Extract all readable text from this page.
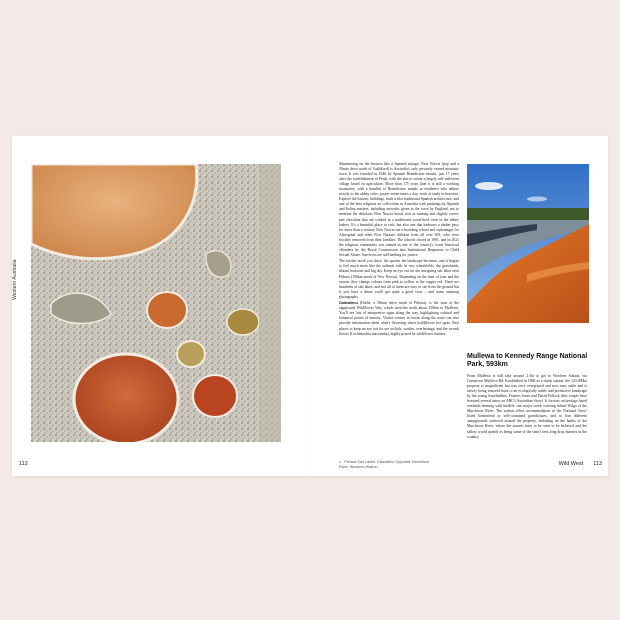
Western Australia
↙ Pithara Salt Lakes. Dalwallinu Opposite Murchison River, Wooleen Station
112	Wild West 113

Shimmering on the horizon like a Spanish mirage, New Norcia (pop and a 50min drive north of Guildford) is Australia's only privately owned monastic town. It was founded in 1846 by Spanish Benedictine monks, just 17 years after the establishment of Perth, with the aim to create a largely self-sufficient village based on agriculture. More than 175 years later it is still a working monastery, with a handful of Benedictine monks in residence who adhere strictly to the abbey rules; prayer seven times a day, work at study in between. Explore the historic buildings, built with a traditional Spanish architecture, and one of the best religious art collections in Australia with paintings by Spanish and Italian masters, including artworks given to the town by England, not to mention the delicious New Norcia bread, rich in nutmeg and slightly sweet; pan chocolate that are cooked in a traditional wood-fired oven in the abbey bakery. It's a beautiful place to visit, but also one that harbours a darker past: for more than a century New Norcia ran a boarding school and orphanages for Aboriginal and other First Nations children from all over WA, who were forcibly removed from their families. The schools closed in 1991, and in 2021 the religious community was named as one of the country's worst historical offenders by the Royal Commission into Institutional Responses to Child Sexual Abuse. Survivors are still battling for justice.

The further north you drive, the sparser the landscape becomes, and it begins to feel much more like the outback with its vast wheatfields, dry grasslands, distant horizons and big sky. Keep an eye out for the intriguing salt lakes near Pithara (196km north of New Norcia). Depending on the time of year and the season, they change colours from pink to yellow to the copper red. There are hundreds of salt lakes, and not all of them are easy to see from the ground but if you have a drone you'll get quite a good view – and some amazing photographs.

Dalwallinu (Dallie, a 30min drive north of Pithara), is the start of the signposted Wildflower Way, which stretches north about 250km to Mullewa. You'll see lots of interpretive signs along the way, highlighting cultural and botanical points of interest. Visitor centres in towns along the route can also provide information about what's flowering when (wildflower hot spots. Best places to keep an eye out for are orchids, wattles, everlastings, and the wreath flower (Lechenaultia macrantha), highly prized by wildflower hunters.

Mullewa to Kennedy Range National Park, 593km

From Mullewa it will take around 2.5hr to get to Wooleen Station, via Carnarvon Mullewa Rd. Established in 1886 as a sheep station, the 123,000ha property is magnificent but was once overgrazed and now runs cattle and is slowly being restored back to an ecologically stable and productive landscape by the young leaseholders, Frances Jones and David Pollock (this couple have featured several times on ABC's Australian Story). It focuses on heritage listed wetlands teeming with birdlife, one major creek crossing inland Wilga of the Murchison River. The station offers accommodation in the National Trust-listed homestead or self-contained guesthouses, and at four different campgrounds scattered around the property, including on the banks of the Murchison River, where the sunsets have to be seen to be believed and the sallow world quietly as being some of the state's best long drop dunnies in the country.
